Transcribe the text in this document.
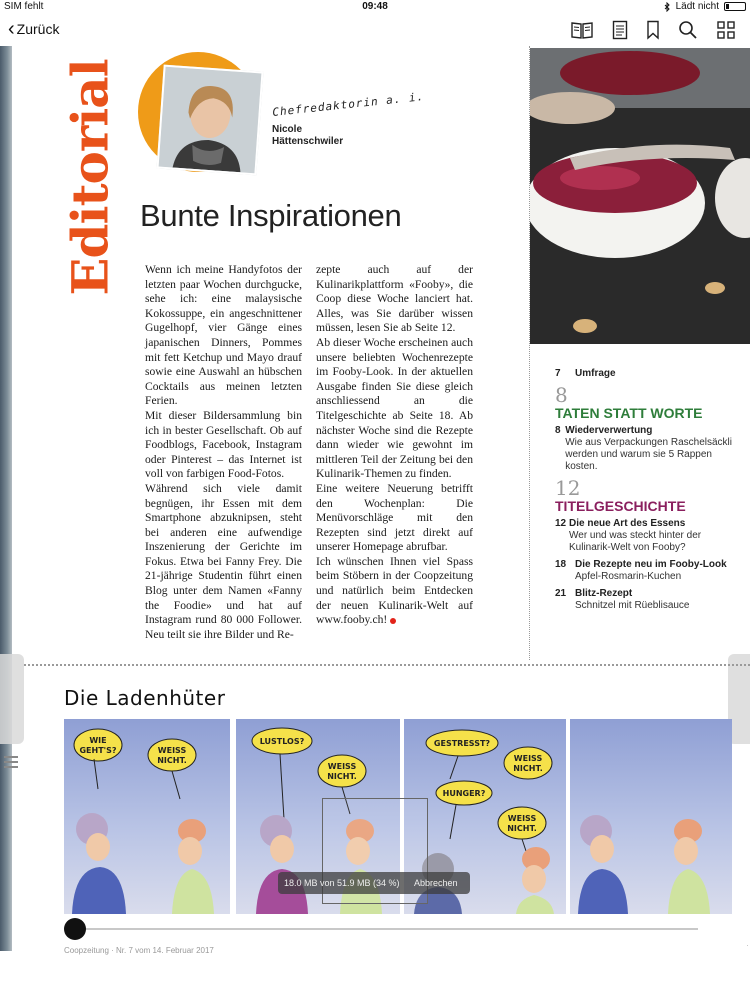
SIM fehlt	09:48	Lädt nicht
‹ Zurück
Editorial	Chefredaktorin a. i.
Nicole
Hättenschwiler
Bunte Inspirationen

Wenn ich meine Handyfotos der letzten paar Wochen durchgucke, sehe ich: eine malaysische Kokossuppe, ein angeschnittener Gugelhopf, vier Gänge eines japanischen Dinners, Pommes mit fett Ketchup und Mayo drauf sowie eine Auswahl an hübschen Cocktails aus meinen letzten Ferien.

Mit dieser Bildersammlung bin ich in bester Gesellschaft. Ob auf Foodblogs, Facebook, Instagram oder Pinterest – das Internet ist voll von farbigen Food-Fotos.

Während sich viele damit begnügen, ihr Essen mit dem Smartphone abzuknipsen, steht bei anderen eine aufwendige Inszenierung der Gerichte im Fokus. Etwa bei Fanny Frey. Die 21-jährige Studentin führt einen Blog unter dem Namen «Fanny the Foodie» und hat auf Instagram rund 80 000 Follower. Neu teilt sie ihre Bilder und Re-

zepte auch auf der Kulinarikplattform «Fooby», die Coop diese Woche lanciert hat. Alles, was Sie darüber wissen müssen, lesen Sie ab Seite 12.

Ab dieser Woche erscheinen auch unsere beliebten Wochenrezepte im Fooby-Look. In der aktuellen Ausgabe finden Sie diese gleich anschliessend an die Titelgeschichte ab Seite 18. Ab nächster Woche sind die Rezepte dann wieder wie gewohnt im mittleren Teil der Zeitung bei den Kulinarik-Themen zu finden.

Eine weitere Neuerung betrifft den Wochenplan: Die Menüvorschläge mit den Rezepten sind jetzt direkt auf unserer Homepage abrufbar.

Ich wünschen Ihnen viel Spass beim Stöbern in der Coopzeitung und natürlich beim Entdecken der neuen Kulinarik-Welt auf www.fooby.ch!

7	Umfrage
8
TATEN STATT WORTE
8 Wiederverwertung
Wie aus Verpackungen Raschelsäckli werden und warum sie 5 Rappen kosten.
12
TITELGESCHICHTE
12 Die neue Art des Essens
Wer und was steckt hinter der Kulinarik-Welt von Fooby?
18 Die Rezepte neu im Fooby-Look
Apfel-Rosmarin-Kuchen
21 Blitz-Rezept
Schnitzel mit Rüeblisauce
Die Ladenhüter
WIE
GEHT'S?	WEISS
NICHT.
LUSTLOS?
WEISS
NICHT.
GESTRESST?
HUNGER?
WEISS
NICHT.
WEISS
NICHT.
18.0 MB von 51.9 MB (34 %)	Abbrechen
Coopzeitung · Nr. 7 vom 14. Februar 2017
·
